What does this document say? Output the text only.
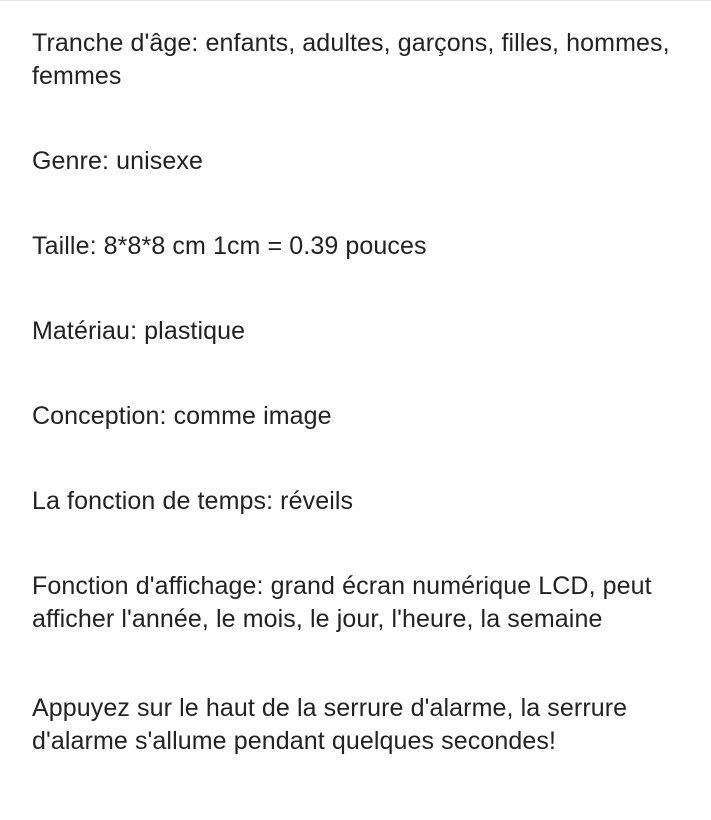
Tranche d'âge: enfants, adultes, garçons, filles, hommes, femmes

Genre: unisexe

Taille: 8*8*8 cm 1cm = 0.39 pouces

Matériau: plastique

Conception: comme image

La fonction de temps: réveils

Fonction d'affichage: grand écran numérique LCD, peut afficher l'année, le mois, le jour, l'heure, la semaine

Appuyez sur le haut de la serrure d'alarme, la serrure d'alarme s'allume pendant quelques secondes!
